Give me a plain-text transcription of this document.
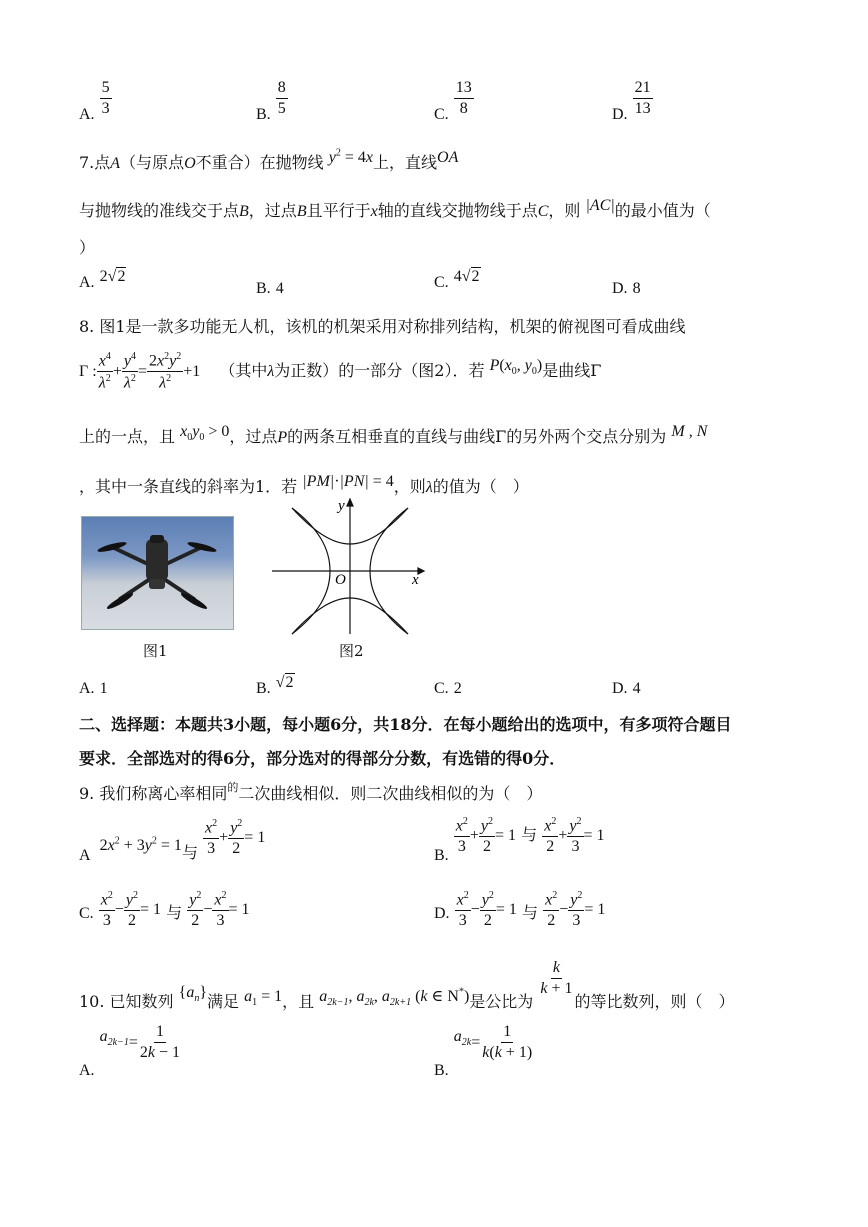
A. $\frac{5}{3}$	B. $\frac{8}{5}$	C. $\frac{13}{8}$	D. $\frac{21}{13}$
7.点A（与原点O不重合）在抛物线 $y^2 = 4x$上，直线OA
与抛物线的准线交于点B，过点B且平行于x轴的直线交抛物线于点C，则 |AC|的最小值为（
）
A. 2√2
B. 4	C. 4√2
D. 8
8. 图1是一款多功能无人机，该机的机架采用对称排列结构，机架的俯视图可看成曲线
Γ : $\frac{x^4}{\lambda^2} + \frac{y^4}{\lambda^2} = \frac{2x^2y^2}{\lambda^2} +1$ （其中λ为正数）的一部分（图2）．若 $P(x_0$, $y_0$)是曲线Γ
上的一点，且 $x_0y_0 > 0$，过点P的两条互相垂直的直线与曲线Γ的另外两个交点分别为 M , N
，其中一条直线的斜率为1．若 |PM|·|PN| = 4，则λ的值为（　）
图1
x
y
O
图2
A. 1	B. √2	C. 2	D. 4
二、选择题：本题共3小题，每小题6分，共18分．在每小题给出的选项中，有多项符合题目
要求．全部选对的得6分，部分选对的得部分分数，有选错的得0分．
9. 我们称离心率相同$^的$二次曲线相似．则二次曲线相似的为（　）
A $2x^2 + 3y^2 = 1$与 $\frac{x^2}{3} + \frac{y^2}{2} = 1$
B.
$\frac{x^2}{3} + \frac{y^2}{2} = 1$ 与 $\frac{x^2}{2} + \frac{y^2}{3} = 1$
C. $\frac{x^2}{3} - \frac{y^2}{2} = 1$ 与 $\frac{y^2}{2} - \frac{x^2}{3} = 1$	D. $\frac{x^2}{3} - \frac{y^2}{2} = 1$ 与 $\frac{x^2}{2} - \frac{y^2}{3} = 1$
10. 已知数列 $\{a_n\}$满足 $a_1 = 1$，且 $a_{2k-1}$, $a_{2k}$, $a_{2k+1}$ (k ∈ N*)是公比为
$\frac{k}{k + 1}$
的等比数列，则（　）
A.
$a_{2k-1} = \frac{1}{2k - 1}$
B.
$a_{2k} = \frac{1}{k(k + 1)}$
